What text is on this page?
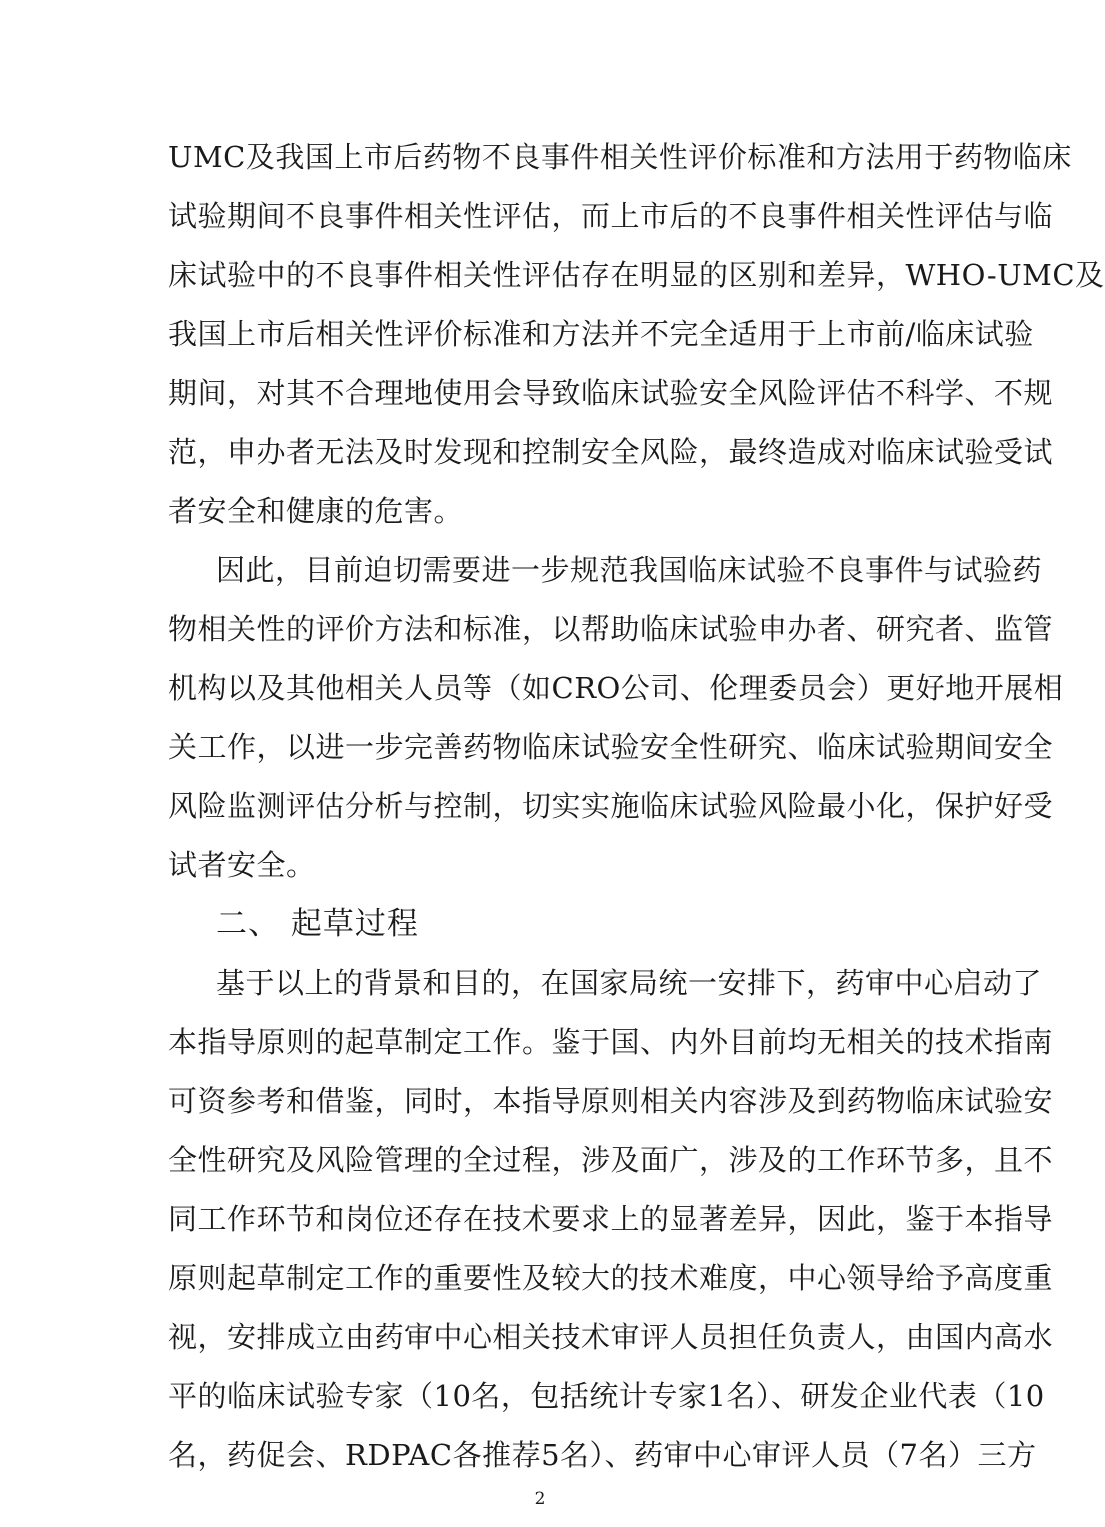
UMC及我国上市后药物不良事件相关性评价标准和方法用于药物临床
试验期间不良事件相关性评估，而上市后的不良事件相关性评估与临
床试验中的不良事件相关性评估存在明显的区别和差异，WHO-UMC及
我国上市后相关性评价标准和方法并不完全适用于上市前/临床试验
期间，对其不合理地使用会导致临床试验安全风险评估不科学、不规
范，申办者无法及时发现和控制安全风险，最终造成对临床试验受试
者安全和健康的危害。
因此，目前迫切需要进一步规范我国临床试验不良事件与试验药
物相关性的评价方法和标准，以帮助临床试验申办者、研究者、监管
机构以及其他相关人员等（如CRO公司、伦理委员会）更好地开展相
关工作，以进一步完善药物临床试验安全性研究、临床试验期间安全
风险监测评估分析与控制，切实实施临床试验风险最小化，保护好受
试者安全。
二、 起草过程
基于以上的背景和目的，在国家局统一安排下，药审中心启动了
本指导原则的起草制定工作。鉴于国、内外目前均无相关的技术指南
可资参考和借鉴，同时，本指导原则相关内容涉及到药物临床试验安
全性研究及风险管理的全过程，涉及面广，涉及的工作环节多，且不
同工作环节和岗位还存在技术要求上的显著差异，因此，鉴于本指导
原则起草制定工作的重要性及较大的技术难度，中心领导给予高度重
视，安排成立由药审中心相关技术审评人员担任负责人，由国内高水
平的临床试验专家（10名，包括统计专家1名）、研发企业代表（10
名，药促会、RDPAC各推荐5名）、药审中心审评人员（7名）三方
2
